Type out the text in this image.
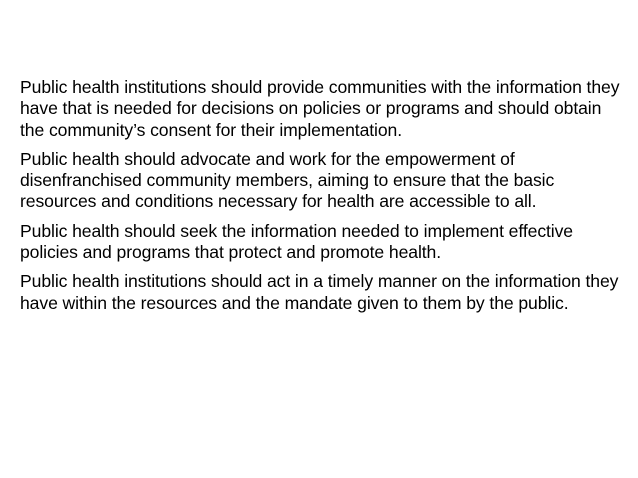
Public health institutions should provide communities with the information they have that is needed for decisions on policies or programs and should obtain the community’s consent for their implementation.

Public health should advocate and work for the empowerment of disenfranchised community members, aiming to ensure that the basic resources and conditions necessary for health are accessible to all.

Public health should seek the information needed to implement effective policies and programs that protect and promote health.

Public health institutions should act in a timely manner on the information they have within the resources and the mandate given to them by the public.
